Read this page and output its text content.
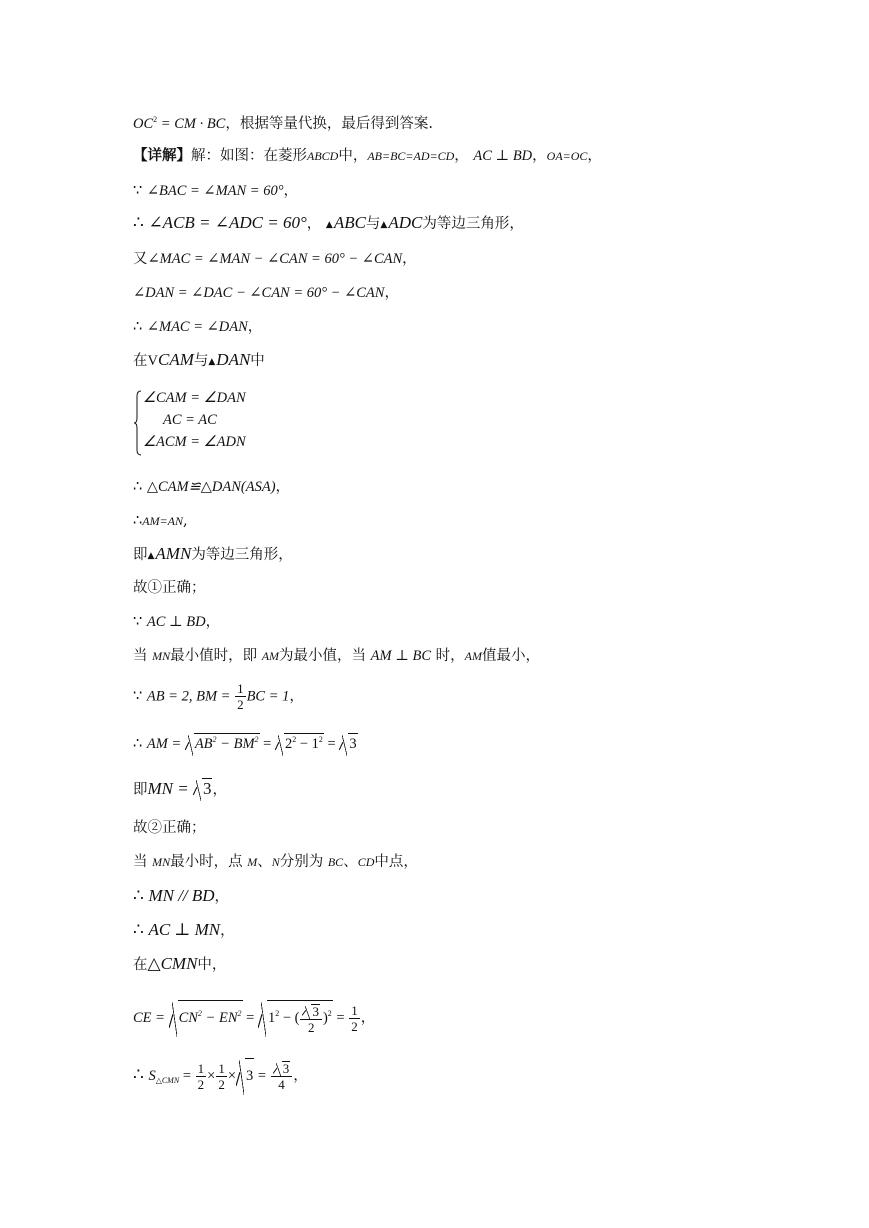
$OC^2$ = CM · BC，根据等量代换，最后得到答案.
【详解】解：如图：在菱形ABCD中，AB=BC=AD=CD， AC ⊥ BD，OA=OC，
∵ ∠BAC = ∠MAN = 60°，
∴ ∠ACB = ∠ADC = 60°， ▲ABC与▲ADC为等边三角形，
又∠MAC = ∠MAN − ∠CAN = 60° − ∠CAN，
∠DAN = ∠DAC − ∠CAN = 60° − ∠CAN，
∴ ∠MAC = ∠DAN，
在VCAM与▲DAN中
∠CAM = ∠DAN
AC = AC
∠ACM = ∠ADN
∴ △CAM≌△DAN(ASA)，
∴AM=AN,
即▲AMN为等边三角形，
故①正确；
∵ AC ⊥ BD，
当 MN最小值时，即 AM为最小值，当 AM ⊥ BC 时，AM值最小，
∵ AB = 2, BM = $\frac{1}{2}$ BC = 1，
∴ AM = $AB^2 - BM^2 = 2^2 - 1^2 = 3$
即MN = 3，
故②正确；
当 MN最小时，点 M、N分别为 BC、CD中点，
∴ MN // BD，
∴ AC ⊥ MN，
在△CMN中，
CE = $CN^2 - EN^2 = 1^2$ − ( $\frac{3}{2} )^2 = \frac{1}{2}$ ，
∴ $S_{\triangle CMN} = \frac{1}{2} \times \frac{1}{2} \times 3 = \frac{3}{4}$ ，
